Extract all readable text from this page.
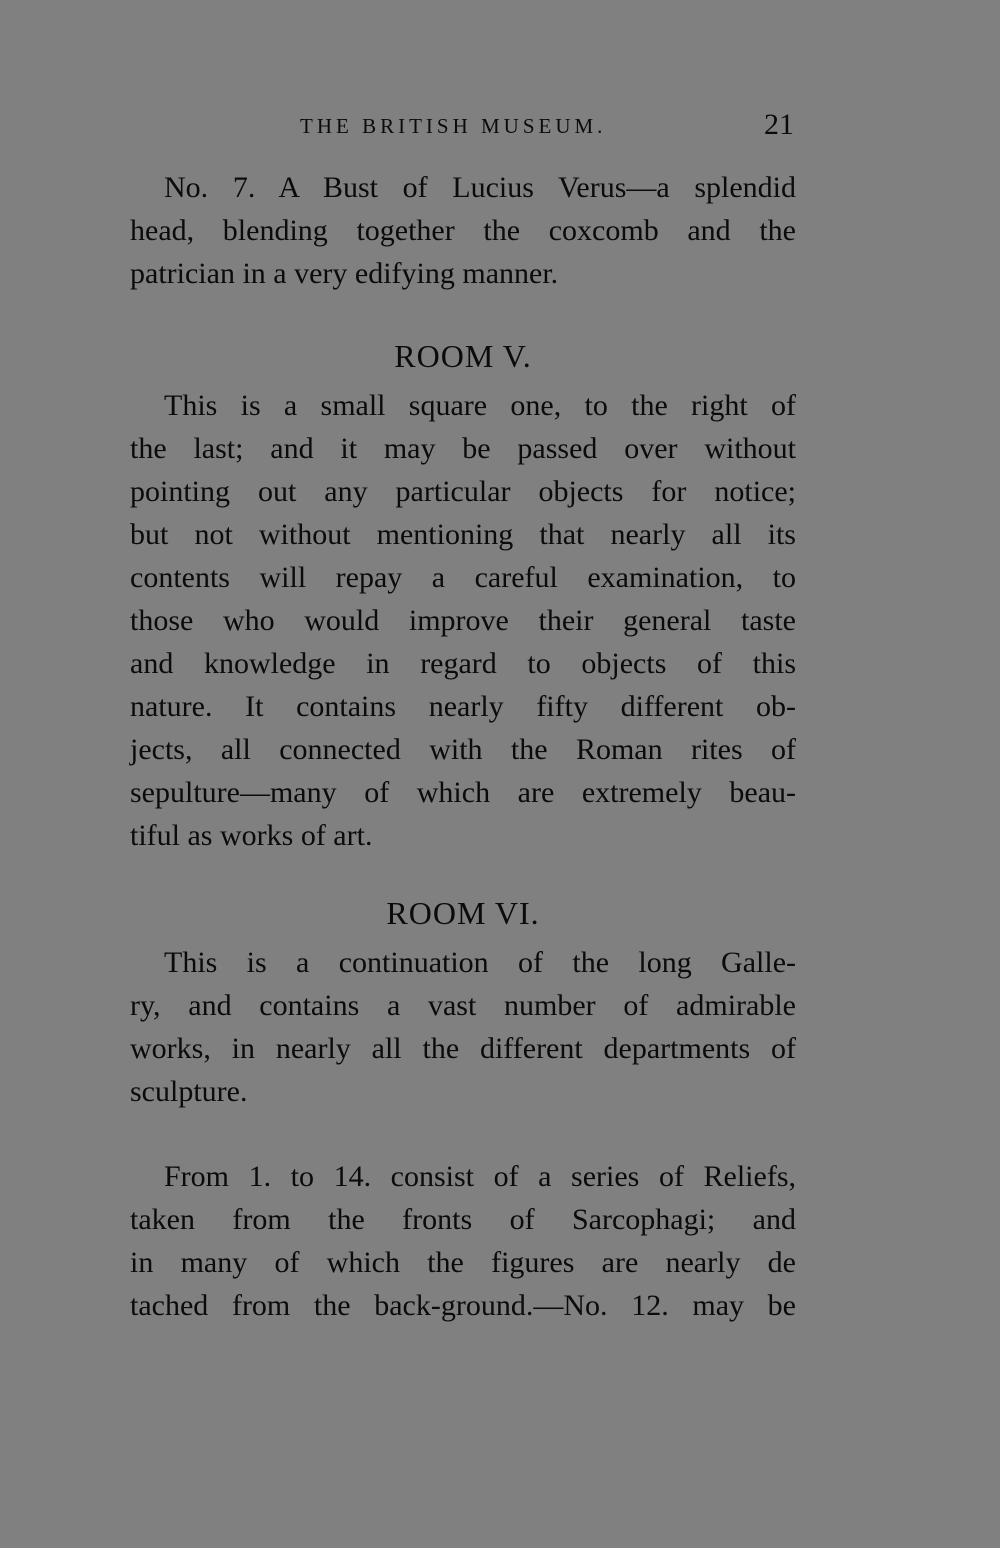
THE BRITISH MUSEUM.	21

No. 7. A Bust of Lucius Verus—a splendid
head, blending together the coxcomb and the
patrician in a very edifying manner.

ROOM V.

This is a small square one, to the right of
the last; and it may be passed over without
pointing out any particular objects for notice;
but not without mentioning that nearly all its
contents will repay a careful examination, to
those who would improve their general taste
and knowledge in regard to objects of this
nature. It contains nearly fifty different ob-
jects, all connected with the Roman rites of
sepulture—many of which are extremely beau-
tiful as works of art.

ROOM VI.

This is a continuation of the long Galle-
ry, and contains a vast number of admirable
works, in nearly all the different departments of
sculpture.

From 1. to 14. consist of a series of Reliefs,
taken from the fronts of Sarcophagi; and
in many of which the figures are nearly de
tached from the back-ground.—No. 12. may be
